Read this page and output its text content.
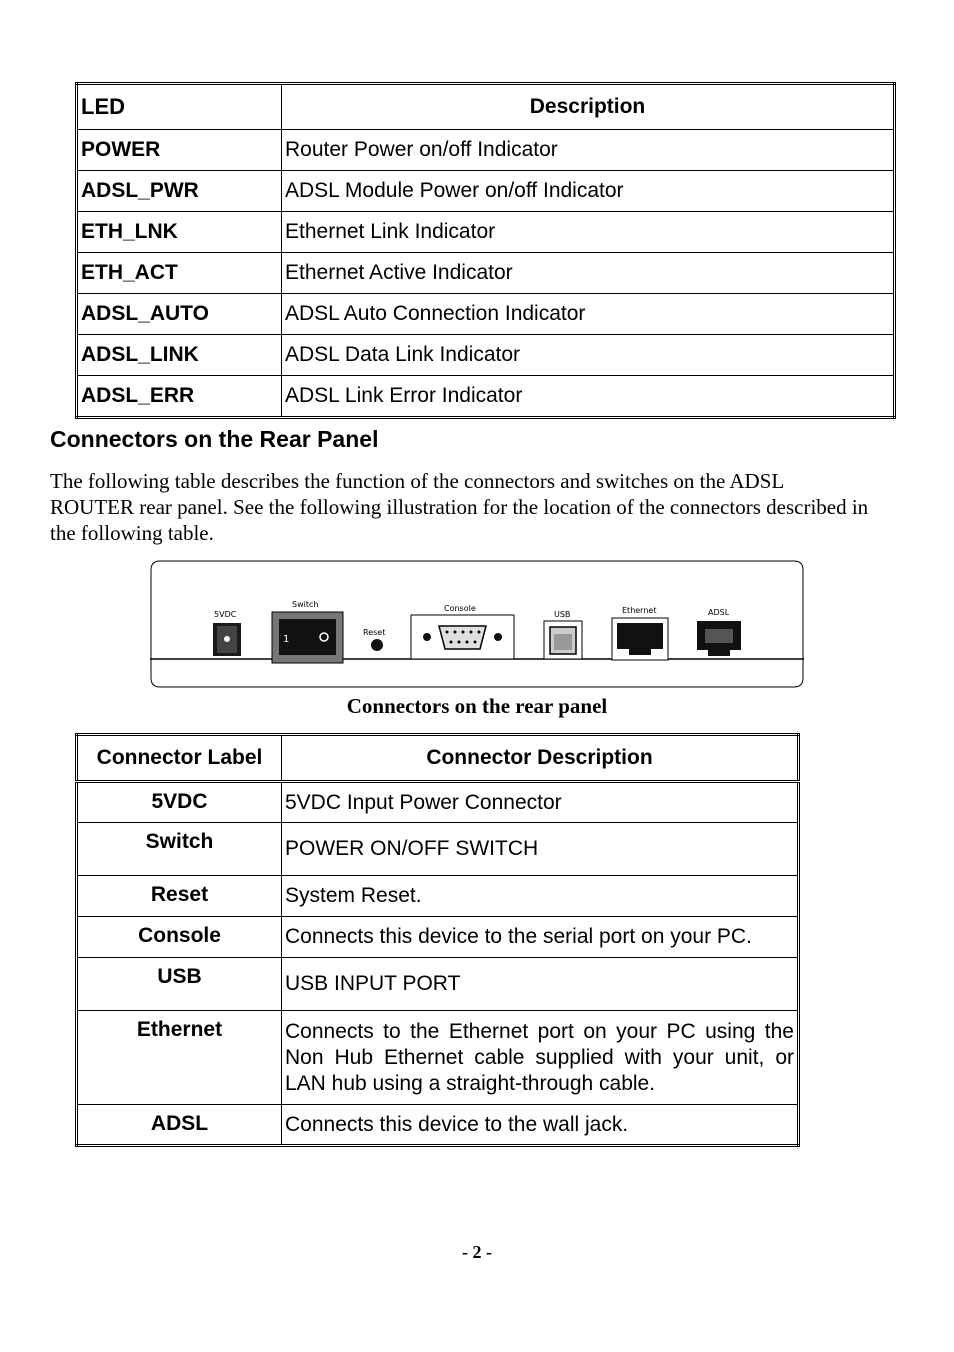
LED	Description
POWER	Router Power on/off Indicator
ADSL_PWR	ADSL Module Power on/off Indicator
ETH_LNK	Ethernet Link Indicator
ETH_ACT	Ethernet Active Indicator
ADSL_AUTO	ADSL Auto Connection Indicator
ADSL_LINK	ADSL Data Link Indicator
ADSL_ERR	ADSL Link Error Indicator
Connectors on the Rear Panel
The following table describes the function of the connectors and switches on the ADSL ROUTER rear panel. See the following illustration for the location of the connectors described in the following table.
5VDC
Switch
1
Reset
Console
USB	Ethernet	ADSL
Connectors on the rear panel
Connector Label	Connector Description
5VDC	5VDC Input Power Connector
Switch	POWER ON/OFF SWITCH
Reset	System Reset.
Console	Connects this device to the serial port on your PC.
USB	USB INPUT PORT
Ethernet	Connects to the Ethernet port on your PC using the Non Hub Ethernet cable supplied with your unit, or LAN hub using a straight-through cable.
ADSL	Connects this device to the wall jack.
- 2 -
